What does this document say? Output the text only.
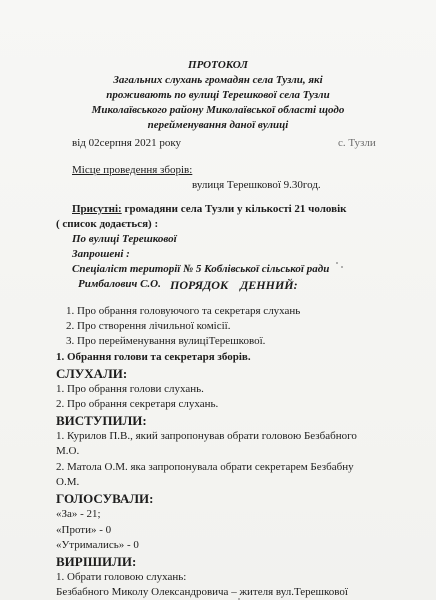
ПРОТОКОЛ
Загальних слухань громадян села Тузли, які
проживають по вулиці Терешкової села Тузли
Миколаївського району Миколаївської області щодо
перейменування даної вулиці
від 02серпня 2021 року	с. Тузли
Місце проведення зборів:
вулиця Терешкової 9.30год.
Присутні: громадяни села Тузли у кількості 21 чоловік
( список додається) :
По вулиці Терешкової
Запрошені :
Спеціаліст території № 5 Коблівської сільської ради
Римбалович С.О. ПОРЯДОК    ДЕННИЙ:
1. Про обрання головуючого та секретаря слухань
2. Про створення лічильної комісії.
3. Про перейменування вулиціТерешкової.
1. Обрання голови та секретаря зборів.
СЛУХАЛИ:
1. Про обрання голови слухань.
2. Про обрання секретаря слухань.
ВИСТУПИЛИ:
1. Курилов П.В., який запропонував обрати головою Безбабного
М.О.
2. Матола О.М. яка запропонувала обрати секретарем Безбабну
О.М.
ГОЛОСУВАЛИ:
«За» - 21;
«Проти» - 0
«Утримались» - 0
ВИРІШИЛИ:
1. Обрати головою слухань:
Безбабного Миколу Олександровича – жителя вул.Терешкової
